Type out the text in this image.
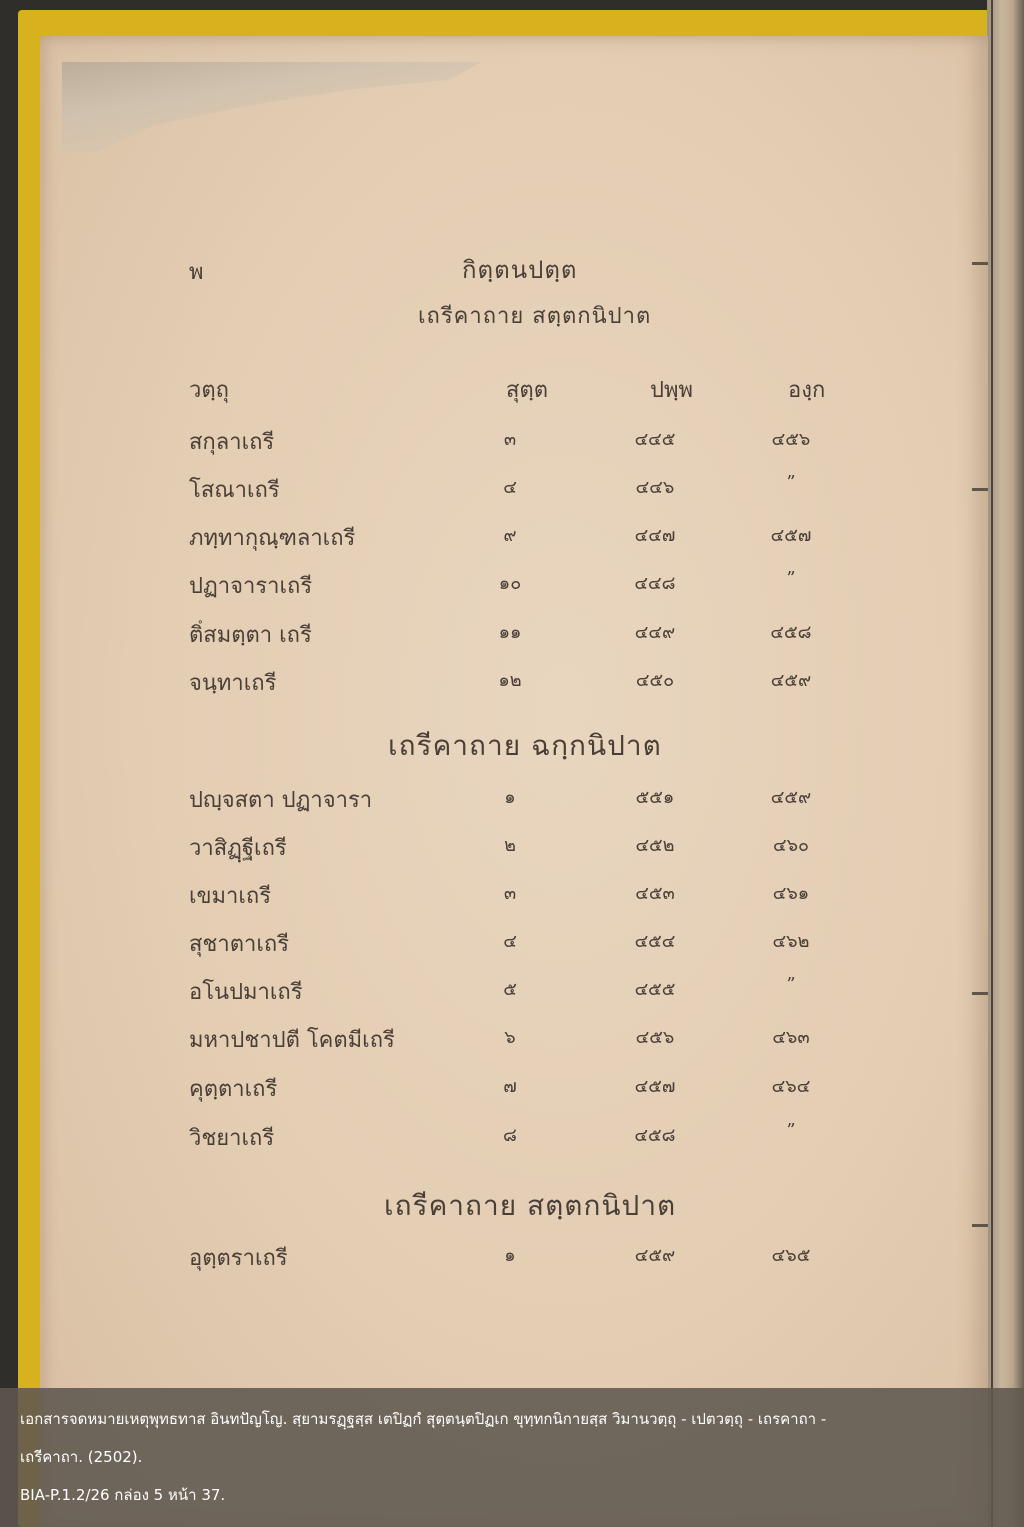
พ	กิตฺตนปตฺต
เถรีคาถาย สตฺตกนิปาต
วตฺถุ	สุตฺต	ปพฺพ	องฺก
สกุลาเถรี	๓	๔๔๕	๔๕๖
โสณาเถรี	๔	๔๔๖	”
ภทฺทากุณฺฑลาเถรี	๙	๔๔๗	๔๕๗
ปฏาจาราเถรี	๑๐	๔๔๘	”
ติํสมตฺตา เถรี	๑๑	๔๔๙	๔๕๘
จนฺทาเถรี	๑๒	๔๕๐	๔๕๙
เถรีคาถาย ฉกฺกนิปาต
ปญฺจสตา ปฏาจารา	๑	๕๕๑	๔๕๙
วาสิฏฺฐีเถรี	๒	๔๕๒	๔๖๐
เขมาเถรี	๓	๔๕๓	๔๖๑
สุชาตาเถรี	๔	๔๕๔	๔๖๒
อโนปมาเถรี	๕	๔๕๕	”
มหาปชาปตี โคตมีเถรี	๖	๔๕๖	๔๖๓
คุตฺตาเถรี	๗	๔๕๗	๔๖๔
วิชยาเถรี	๘	๔๕๘	”
เถรีคาถาย สตฺตกนิปาต
อุตฺตราเถรี	๑	๔๕๙	๔๖๕
เอกสารจดหมายเหตุพุทธทาส อินทปัญโญ. สฺยามรฏฺฐสฺส เตปิฏกํ สุตฺตนฺตปิฏเก ขุทฺทกนิกายสฺส วิมานวตฺถุ - เปตวตฺถุ - เถรคาถา -
เถรีคาถา. (2502).
BIA-P.1.2/26 กล่อง 5 หน้า 37.
